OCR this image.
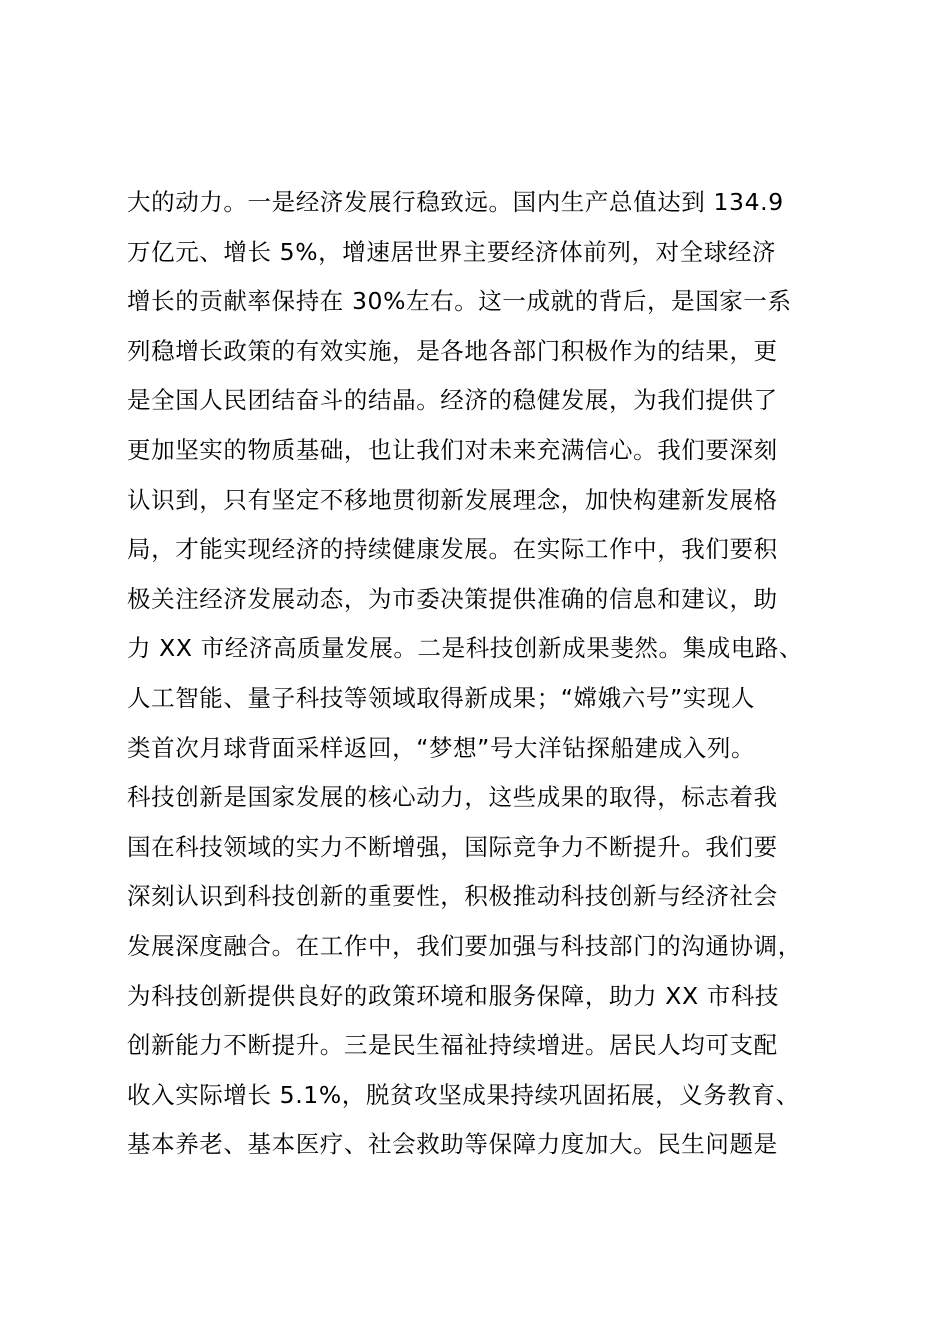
大的动力。一是经济发展行稳致远。国内生产总值达到 134.9
万亿元、增长 5%，增速居世界主要经济体前列，对全球经济
增长的贡献率保持在 30%左右。这一成就的背后，是国家一系
列稳增长政策的有效实施，是各地各部门积极作为的结果，更
是全国人民团结奋斗的结晶。经济的稳健发展，为我们提供了
更加坚实的物质基础，也让我们对未来充满信心。我们要深刻
认识到，只有坚定不移地贯彻新发展理念，加快构建新发展格
局，才能实现经济的持续健康发展。在实际工作中，我们要积
极关注经济发展动态，为市委决策提供准确的信息和建议，助
力 XX 市经济高质量发展。二是科技创新成果斐然。集成电路、
人工智能、量子科技等领域取得新成果；“嫦娥六号”实现人
类首次月球背面采样返回，“梦想”号大洋钻探船建成入列。
科技创新是国家发展的核心动力，这些成果的取得，标志着我
国在科技领域的实力不断增强，国际竞争力不断提升。我们要
深刻认识到科技创新的重要性，积极推动科技创新与经济社会
发展深度融合。在工作中，我们要加强与科技部门的沟通协调，
为科技创新提供良好的政策环境和服务保障，助力 XX 市科技
创新能力不断提升。三是民生福祉持续增进。居民人均可支配
收入实际增长 5.1%，脱贫攻坚成果持续巩固拓展，义务教育、
基本养老、基本医疗、社会救助等保障力度加大。民生问题是
